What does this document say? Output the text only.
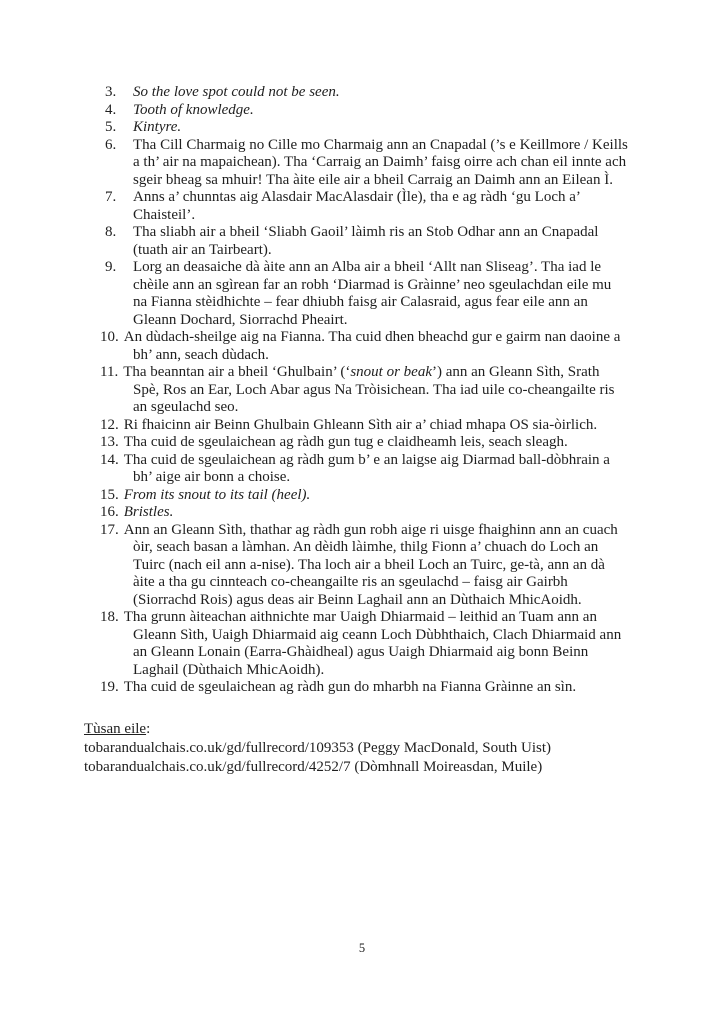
3. So the love spot could not be seen.
4. Tooth of knowledge.
5. Kintyre.
6. Tha Cill Charmaig no Cille mo Charmaig ann an Cnapadal (’s e Keillmore / Keills a th’ air na mapaichean). Tha ‘Carraig an Daimh’ faisg oirre ach chan eil innte ach sgeir bheag sa mhuir! Tha àite eile air a bheil Carraig an Daimh ann an Eilean Ì.
7. Anns a’ chunntas aig Alasdair MacAlasdair (Ìle), tha e ag ràdh ‘gu Loch a’ Chaisteil’.
8. Tha sliabh air a bheil ‘Sliabh Gaoil’ làimh ris an Stob Odhar ann an Cnapadal (tuath air an Tairbeart).
9. Lorg an deasaiche dà àite ann an Alba air a bheil ‘Allt nan Sliseag’. Tha iad le chèile ann an sgìrean far an robh ‘Diarmad is Gràinne’ neo sgeulachdan eile mu na Fianna stèidhichte – fear dhiubh faisg air Calasraid, agus fear eile ann an Gleann Dochard, Siorrachd Pheairt.
10. An dùdach-sheilge aig na Fianna. Tha cuid dhen bheachd gur e gairm nan daoine a bh’ ann, seach dùdach.
11. Tha beanntan air a bheil ‘Ghulbain’ (‘snout or beak’) ann an Gleann Sìth, Srath Spè, Ros an Ear, Loch Abar agus Na Tròisichean. Tha iad uile co-cheangailte ris an sgeulachd seo.
12. Ri fhaicinn air Beinn Ghulbain Ghleann Sìth air a’ chiad mhapa OS sia-òirlich.
13. Tha cuid de sgeulaichean ag ràdh gun tug e claidheamh leis, seach sleagh.
14. Tha cuid de sgeulaichean ag ràdh gum b’ e an laigse aig Diarmad ball-dòbhrain a bh’ aige air bonn a choise.
15. From its snout to its tail (heel).
16. Bristles.
17. Ann an Gleann Sìth, thathar ag ràdh gun robh aige ri uisge fhaighinn ann an cuach òir, seach basan a làmhan. An dèidh làimhe, thilg Fionn a’ chuach do Loch an Tuirc (nach eil ann a-nise). Tha loch air a bheil Loch an Tuirc, ge-tà, ann an dà àite a tha gu cinnteach co-cheangailte ris an sgeulachd – faisg air Gairbh (Siorrachd Rois) agus deas air Beinn Laghail ann an Dùthaich MhicAoidh.
18. Tha grunn àiteachan aithnichte mar Uaigh Dhiarmaid – leithid an Tuam ann an Gleann Sìth, Uaigh Dhiarmaid aig ceann Loch Dùbhthaich, Clach Dhiarmaid ann an Gleann Lonain (Earra-Ghàidheal) agus Uaigh Dhiarmaid aig bonn Beinn Laghail (Dùthaich MhicAoidh).
19. Tha cuid de sgeulaichean ag ràdh gun do mharbh na Fianna Gràinne an sìn.
Tùsan eile:
tobarandualchais.co.uk/gd/fullrecord/109353 (Peggy MacDonald, South Uist)
tobarandualchais.co.uk/gd/fullrecord/4252/7 (Dòmhnall Moireasdan, Muile)
5
